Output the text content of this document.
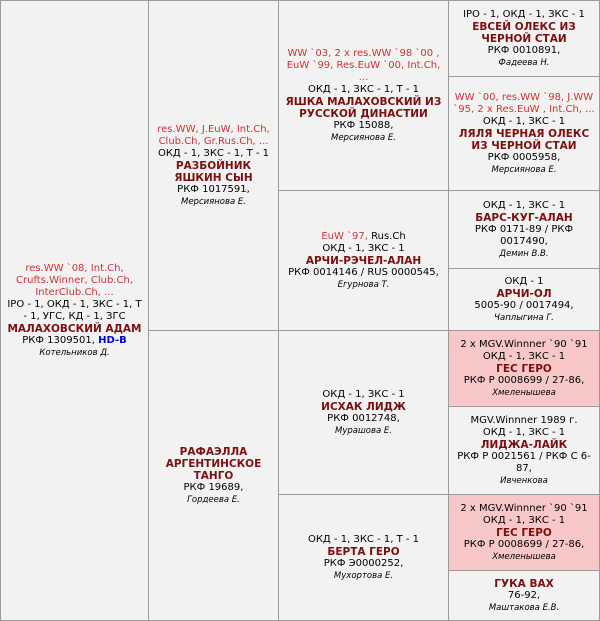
res.WW `08, Int.Ch, Crufts.Winner, Club.Ch, InterClub.Ch, ...
IPO - 1, ОКД - 1, ЗКС - 1, Т - 1, УГС, КД - 1, ЗГС
МАЛАХОВСКИЙ АДАМ
РКФ 1309501, HD-B
Котельников Д.
res.WW, J.EuW, Int.Ch, Club.Ch, Gr.Rus.Ch, ...
ОКД - 1, ЗКС - 1, Т - 1
РАЗБОЙНИК ЯШКИН СЫН
РКФ 1017591,
Мерсиянова Е.
РАФАЭЛЛА АРГЕНТИНСКОЕ ТАНГО
РКФ 19689,
Гордеева Е.
WW `03, 2 x res.WW `98 `00 , EuW `99, Res.EuW `00, Int.Ch, ...
ОКД - 1, ЗКС - 1, Т - 1
ЯШКА МАЛАХОВСКИЙ ИЗ РУССКОЙ ДИНАСТИИ
РКФ 15088,
Мерсиянова Е.
EuW `97, Rus.Ch
ОКД - 1, ЗКС - 1
АРЧИ-РЭЧЕЛ-АЛАН
РКФ 0014146 / RUS 0000545,
Егурнова Т.
ОКД - 1, ЗКС - 1
ИСХАК ЛИДЖ
РКФ 0012748,
Мурашова Е.
ОКД - 1, ЗКС - 1, Т - 1
БЕРТА ГЕРО
РКФ Э0000252,
Мухортова Е.
IPO - 1, ОКД - 1, ЗКС - 1
ЕВСЕЙ ОЛЕКС ИЗ ЧЕРНОЙ СТАИ
РКФ 0010891,
Фадеева Н.
WW `00, res.WW `98, J.WW `95, 2 x Res.EuW , Int.Ch, ...
ОКД - 1, ЗКС - 1
ЛЯЛЯ ЧЕРНАЯ ОЛЕКС ИЗ ЧЕРНОЙ СТАИ
РКФ 0005958,
Мерсиянова Е.
ОКД - 1, ЗКС - 1
БАРС-КУГ-АЛАН
РКФ 0171-89 / РКФ 0017490,
Демин В.В.
ОКД - 1
АРЧИ-ОЛ
5005-90 / 0017494,
Чаплыгина Г.
2 x MGV.Winnner `90 `91
ОКД - 1, ЗКС - 1
ГЕС ГЕРО
РКФ Р 0008699 / 27-86,
Хмеленышева
MGV.Winnner 1989 г.
ОКД - 1, ЗКС - 1
ЛИДЖА-ЛАЙК
РКФ Р 0021561 / РКФ С 6-87,
Ивченкова
2 x MGV.Winnner `90 `91
ОКД - 1, ЗКС - 1
ГЕС ГЕРО
РКФ Р 0008699 / 27-86,
Хмеленышева
ГУКА ВАХ
76-92,
Маштакова Е.В.
